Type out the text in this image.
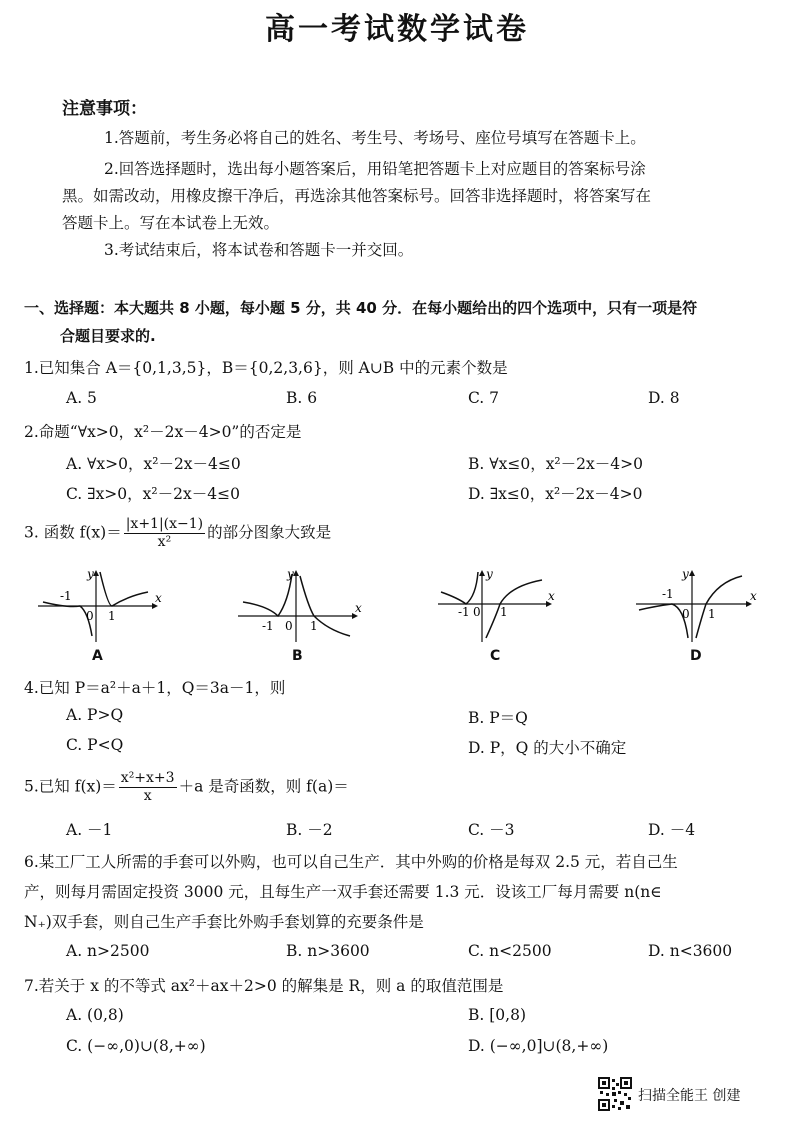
高一考试数学试卷
注意事项：
1.答题前，考生务必将自己的姓名、考生号、考场号、座位号填写在答题卡上。
2.回答选择题时，选出每小题答案后，用铅笔把答题卡上对应题目的答案标号涂
黑。如需改动，用橡皮擦干净后，再选涂其他答案标号。回答非选择题时，将答案写在
答题卡上。写在本试卷上无效。
3.考试结束后，将本试卷和答题卡一并交回。
一、选择题：本大题共 8 小题，每小题 5 分，共 40 分．在每小题给出的四个选项中，只有一项是符
合题目要求的.
1.已知集合 A＝{0,1,3,5}，B＝{0,2,3,6}，则 A∪B 中的元素个数是
A. 5	B. 6	C. 7	D. 8
2.命题“∀x>0，x²－2x－4>0”的否定是
A. ∀x>0，x²－2x－4≤0	B. ∀x≤0，x²－2x－4>0
C. ∃x>0，x²－2x－4≤0	D. ∃x≤0，x²－2x－4>0
3. 函数 $f(x)= \frac{|x+1|(x-1)}{\text{x²}}$ 的部分图象大致是
-1
0 1
y
x
A
-1 0 1
y
x
B
-1 0 1
y
x
C
-1
0 1
y
x
D
4.已知 P＝a²＋a＋1，Q＝3a－1，则
A. P>Q	B. P＝Q
C. P<Q	D. P，Q 的大小不确定
5.已知 $f(x)= \frac{\text{x²+x+3}}{x} +a$ 是奇函数，则 f(a)＝
A. －1	B. －2	C. －3	D. －4
6.某工厂工人所需的手套可以外购，也可以自己生产．其中外购的价格是每双 2.5 元，若自己生
产，则每月需固定投资 3000 元，且每生产一双手套还需要 1.3 元．设该工厂每月需要 n(n∈
N₊)双手套，则自己生产手套比外购手套划算的充要条件是
A. n>2500	B. n>3600	C. n<2500	D. n<3600
7.若关于 x 的不等式 ax²＋ax＋2>0 的解集是 R，则 a 的取值范围是
A. (0,8)	B. [0,8)
C. (−∞,0)∪(8,+∞)	D. (−∞,0]∪(8,+∞)
扫描全能王 创建
